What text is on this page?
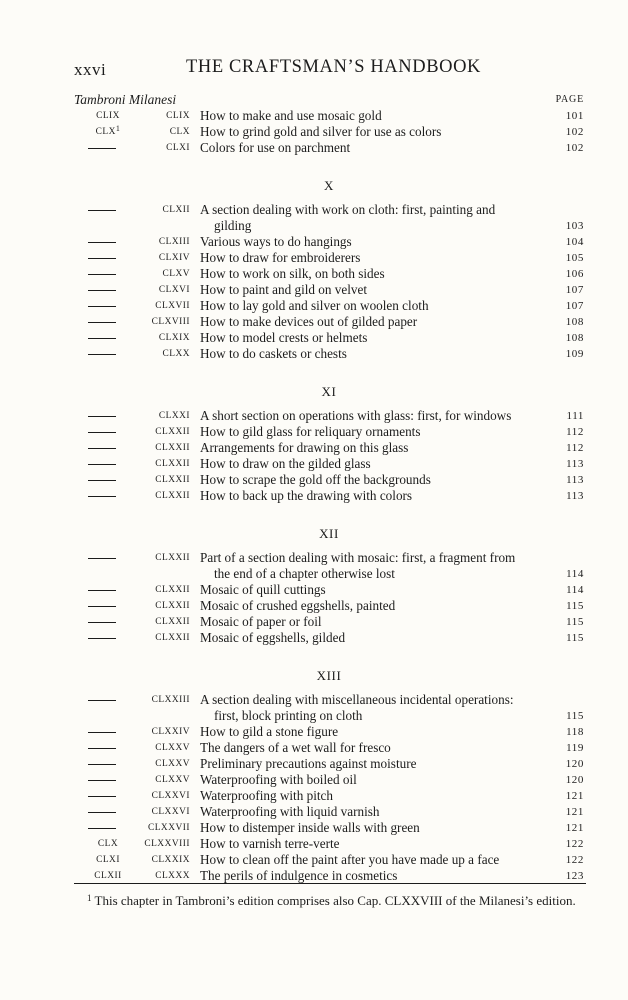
xxvi	THE CRAFTSMAN’S HANDBOOK
Tambroni Milanesi	PAGE
CLIX	CLIX How to make and use mosaic gold	101
CLX1	CLX How to grind gold and silver for use as colors	102
CLXI Colors for use on parchment	102
X
CLXII A section dealing with work on cloth: first, painting and
gilding	103
CLXIII Various ways to do hangings	104
CLXIV How to draw for embroiderers	105
CLXV How to work on silk, on both sides	106
CLXVI How to paint and gild on velvet	107
CLXVII How to lay gold and silver on woolen cloth	107
CLXVIII How to make devices out of gilded paper	108
CLXIX How to model crests or helmets	108
CLXX How to do caskets or chests	109
XI
CLXXI A short section on operations with glass: first, for windows	111
CLXXII How to gild glass for reliquary ornaments	112
CLXXII Arrangements for drawing on this glass	112
CLXXII How to draw on the gilded glass	113
CLXXII How to scrape the gold off the backgrounds	113
CLXXII How to back up the drawing with colors	113
XII
CLXXII Part of a section dealing with mosaic: first, a fragment from
the end of a chapter otherwise lost	114
CLXXII Mosaic of quill cuttings	114
CLXXII Mosaic of crushed eggshells, painted	115
CLXXII Mosaic of paper or foil	115
CLXXII Mosaic of eggshells, gilded	115
XIII
CLXXIII A section dealing with miscellaneous incidental operations:
first, block printing on cloth	115
CLXXIV How to gild a stone figure	118
CLXXV The dangers of a wet wall for fresco	119
CLXXV Preliminary precautions against moisture	120
CLXXV Waterproofing with boiled oil	120
CLXXVI Waterproofing with pitch	121
CLXXVI Waterproofing with liquid varnish	121
CLXXVII How to distemper inside walls with green	121
CLX	CLXXVIII How to varnish terre-verte	122
CLXI	CLXXIX How to clean off the paint after you have made up a face	122
CLXII	CLXXX The perils of indulgence in cosmetics	123
$^1$ This chapter in Tambroni’s edition comprises also Cap. CLXXVIII of the Milanesi’s edition.
